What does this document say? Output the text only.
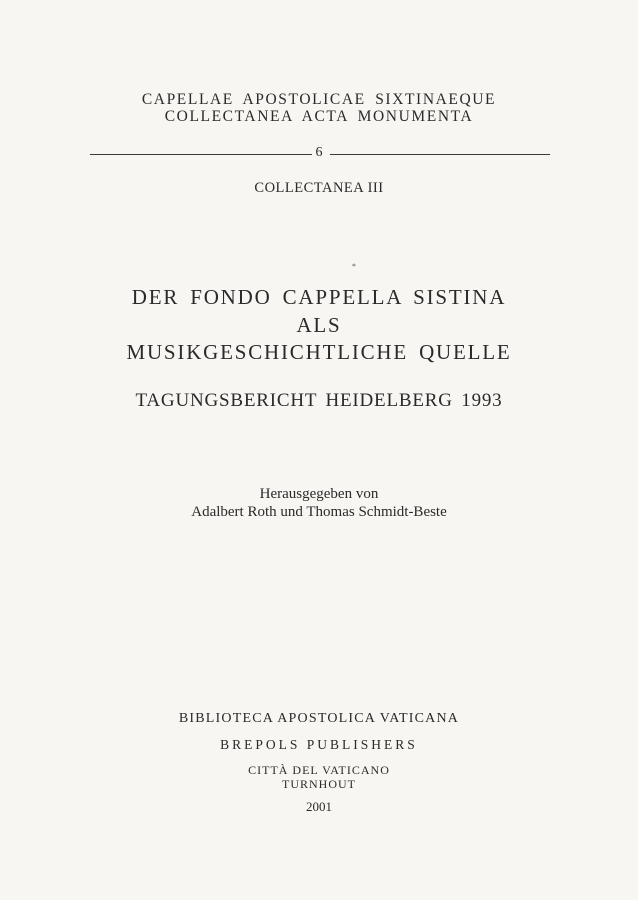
CAPELLAE APOSTOLICAE SIXTINAEQUE
COLLECTANEA ACTA MONUMENTA
6
COLLECTANEA III
*
DER FONDO CAPPELLA SISTINA
ALS
MUSIKGESCHICHTLICHE QUELLE
TAGUNGSBERICHT HEIDELBERG 1993
Herausgegeben von
Adalbert Roth und Thomas Schmidt-Beste
BIBLIOTECA APOSTOLICA VATICANA
BREPOLS PUBLISHERS
CITTÀ DEL VATICANO
TURNHOUT
2001
